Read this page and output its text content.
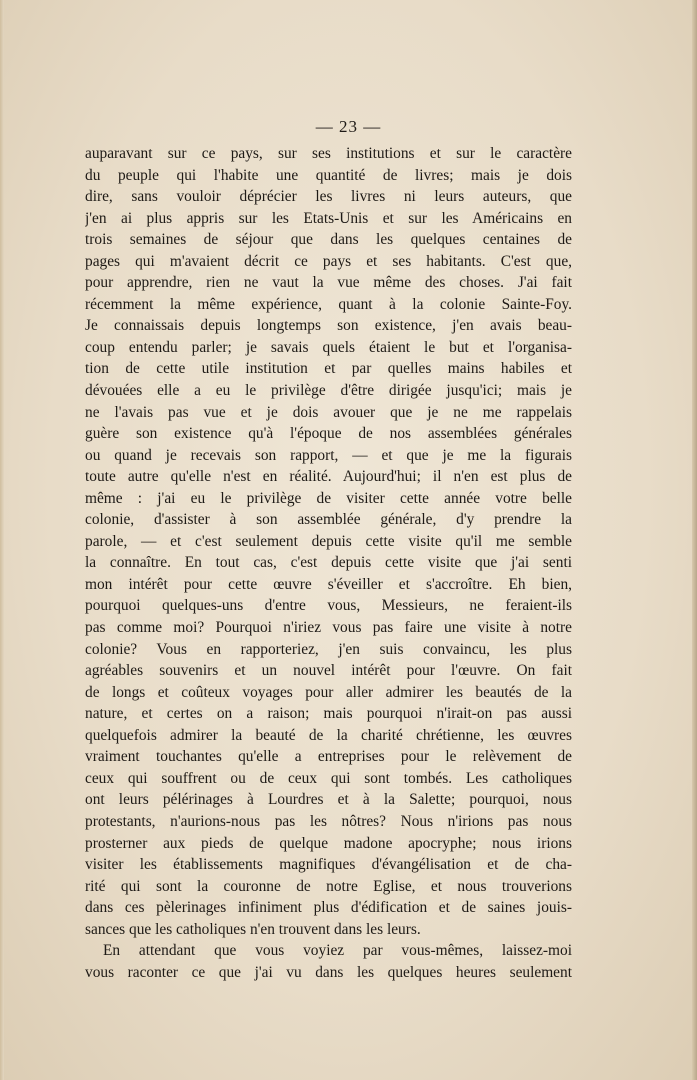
— 23 —
auparavant sur ce pays, sur ses institutions et sur le caractère
du peuple qui l'habite une quantité de livres; mais je dois
dire, sans vouloir déprécier les livres ni leurs auteurs, que
j'en ai plus appris sur les Etats-Unis et sur les Américains en
trois semaines de séjour que dans les quelques centaines de
pages qui m'avaient décrit ce pays et ses habitants. C'est que,
pour apprendre, rien ne vaut la vue même des choses. J'ai fait
récemment la même expérience, quant à la colonie Sainte-Foy.
Je connaissais depuis longtemps son existence, j'en avais beau-
coup entendu parler; je savais quels étaient le but et l'organisa-
tion de cette utile institution et par quelles mains habiles et
dévouées elle a eu le privilège d'être dirigée jusqu'ici; mais je
ne l'avais pas vue et je dois avouer que je ne me rappelais
guère son existence qu'à l'époque de nos assemblées générales
ou quand je recevais son rapport, — et que je me la figurais
toute autre qu'elle n'est en réalité. Aujourd'hui; il n'en est plus de
même : j'ai eu le privilège de visiter cette année votre belle
colonie, d'assister à son assemblée générale, d'y prendre la
parole, — et c'est seulement depuis cette visite qu'il me semble
la connaître. En tout cas, c'est depuis cette visite que j'ai senti
mon intérêt pour cette œuvre s'éveiller et s'accroître. Eh bien,
pourquoi quelques-uns d'entre vous, Messieurs, ne feraient-ils
pas comme moi? Pourquoi n'iriez vous pas faire une visite à notre
colonie? Vous en rapporteriez, j'en suis convaincu, les plus
agréables souvenirs et un nouvel intérêt pour l'œuvre. On fait
de longs et coûteux voyages pour aller admirer les beautés de la
nature, et certes on a raison; mais pourquoi n'irait-on pas aussi
quelquefois admirer la beauté de la charité chrétienne, les œuvres
vraiment touchantes qu'elle a entreprises pour le relèvement de
ceux qui souffrent ou de ceux qui sont tombés. Les catholiques
ont leurs pélérinages à Lourdres et à la Salette; pourquoi, nous
protestants, n'aurions-nous pas les nôtres? Nous n'irions pas nous
prosterner aux pieds de quelque madone apocryphe; nous irions
visiter les établissements magnifiques d'évangélisation et de cha-
rité qui sont la couronne de notre Eglise, et nous trouverions
dans ces pèlerinages infiniment plus d'édification et de saines jouis-
sances que les catholiques n'en trouvent dans les leurs.
En attendant que vous voyiez par vous-mêmes, laissez-moi
vous raconter ce que j'ai vu dans les quelques heures seulement
